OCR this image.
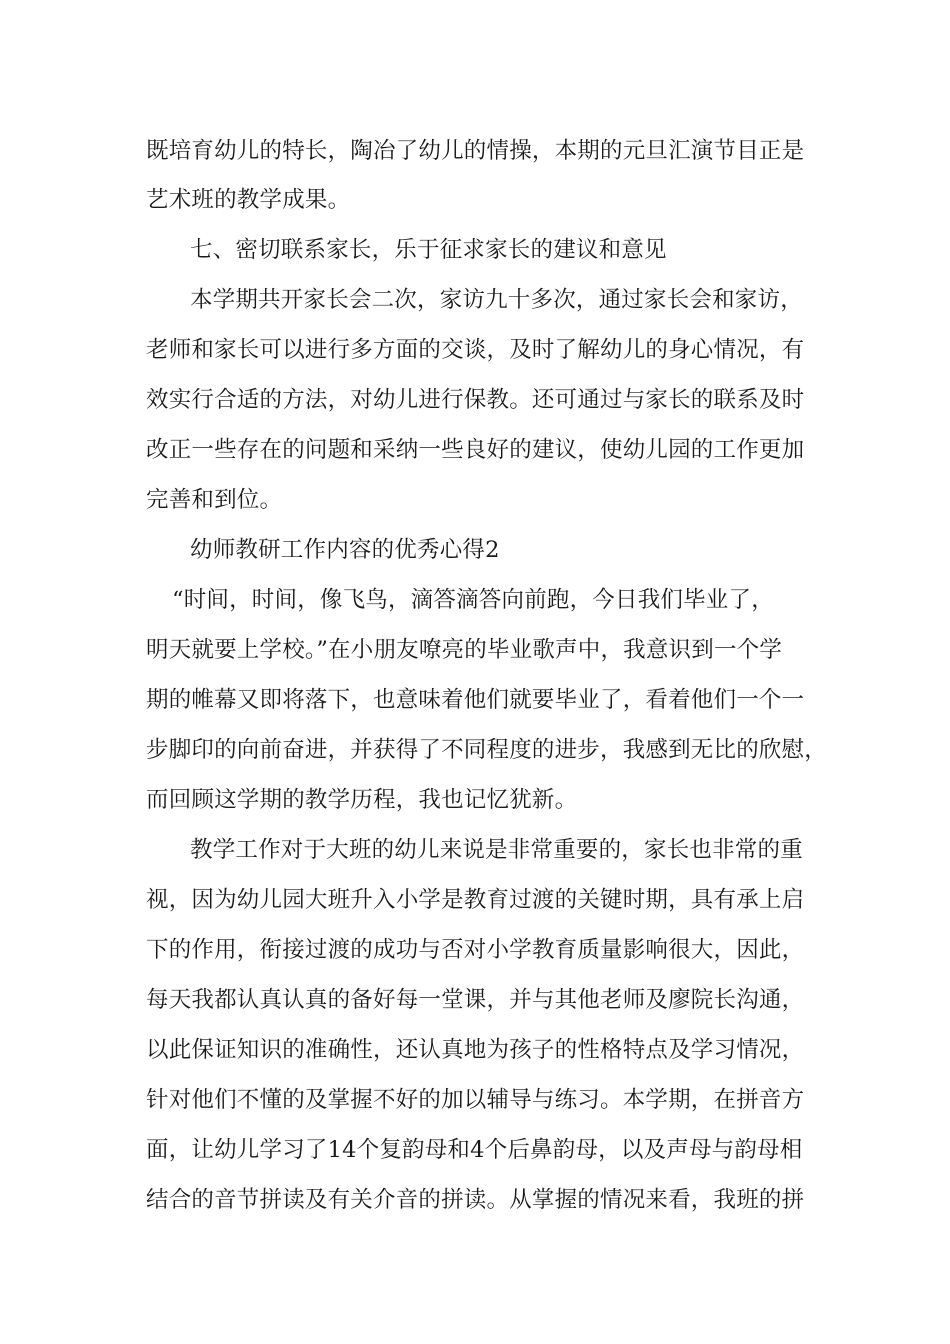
既培育幼儿的特长，陶冶了幼儿的情操，本期的元旦汇演节目正是
艺术班的教学成果。
七、密切联系家长，乐于征求家长的建议和意见
本学期共开家长会二次，家访九十多次，通过家长会和家访，
老师和家长可以进行多方面的交谈，及时了解幼儿的身心情况，有
效实行合适的方法，对幼儿进行保教。还可通过与家长的联系及时
改正一些存在的问题和采纳一些良好的建议，使幼儿园的工作更加
完善和到位。
幼师教研工作内容的优秀心得2
“时间，时间，像飞鸟，滴答滴答向前跑，今日我们毕业了，
明天就要上学校。”在小朋友嘹亮的毕业歌声中，我意识到一个学
期的帷幕又即将落下，也意味着他们就要毕业了，看着他们一个一
步脚印的向前奋进，并获得了不同程度的进步，我感到无比的欣慰，
而回顾这学期的教学历程，我也记忆犹新。
教学工作对于大班的幼儿来说是非常重要的，家长也非常的重
视，因为幼儿园大班升入小学是教育过渡的关键时期，具有承上启
下的作用，衔接过渡的成功与否对小学教育质量影响很大，因此，
每天我都认真认真的备好每一堂课，并与其他老师及廖院长沟通，
以此保证知识的准确性，还认真地为孩子的性格特点及学习情况，
针对他们不懂的及掌握不好的加以辅导与练习。本学期，在拼音方
面，让幼儿学习了14个复韵母和4个后鼻韵母，以及声母与韵母相
结合的音节拼读及有关介音的拼读。从掌握的情况来看，我班的拼
